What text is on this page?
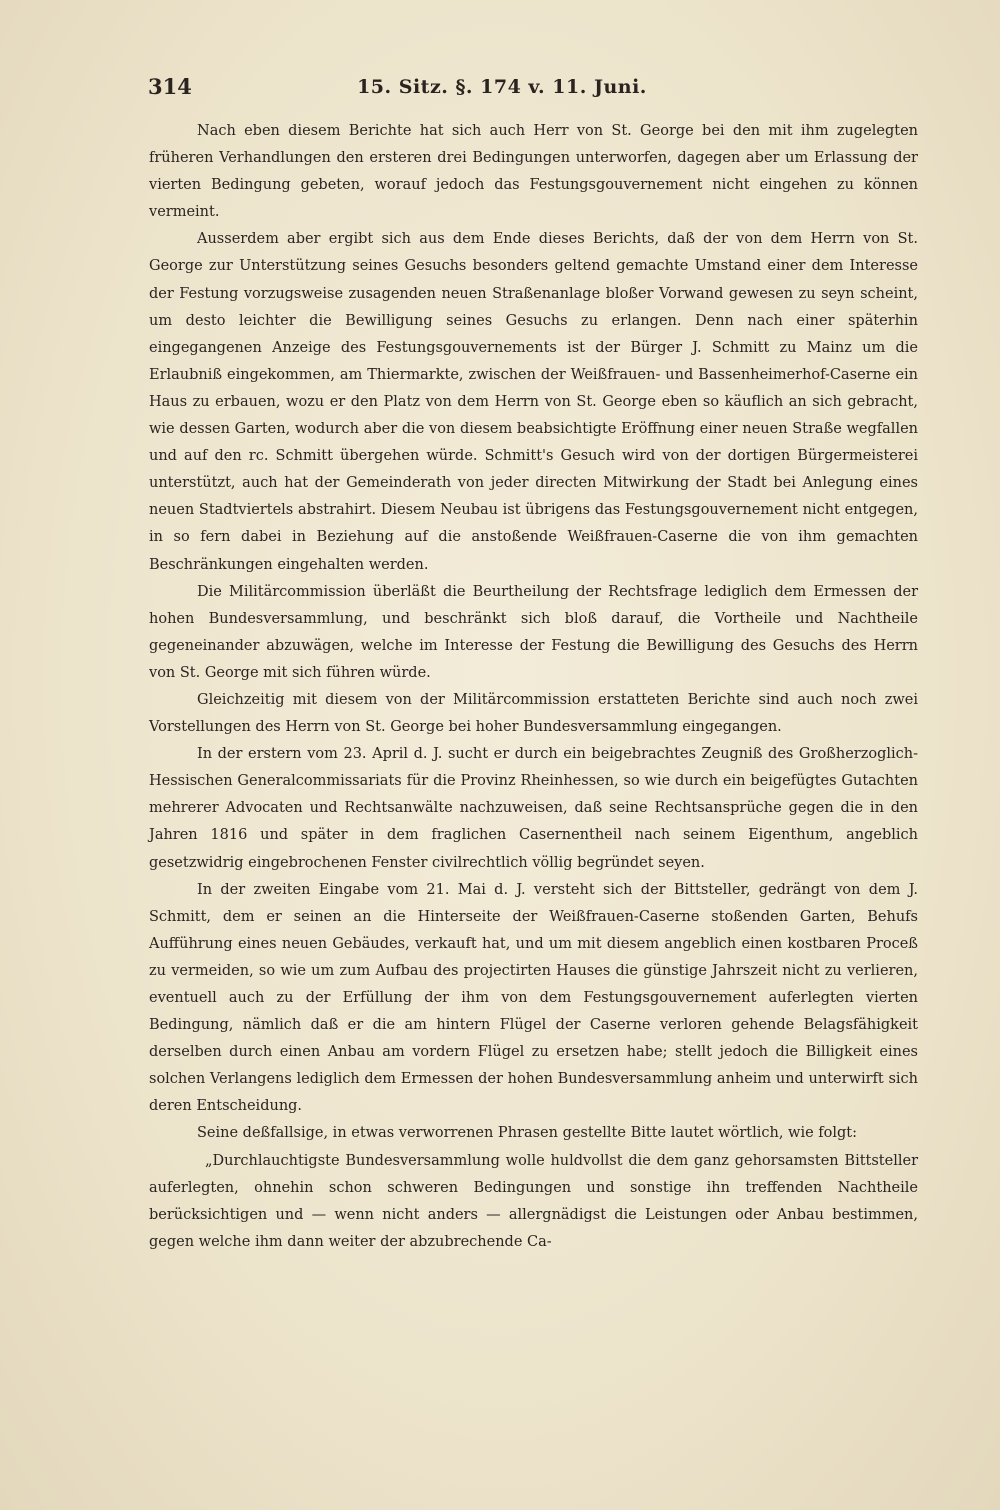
314	15. Sitz. §. 174 v. 11. Juni.

Nach eben diesem Berichte hat sich auch Herr von St. George bei den mit ihm zugelegten früheren Verhandlungen den ersteren drei Bedingungen unterworfen, dagegen aber um Erlassung der vierten Bedingung gebeten, worauf jedoch das Festungsgouvernement nicht eingehen zu können vermeint.

Ausserdem aber ergibt sich aus dem Ende dieses Berichts, daß der von dem Herrn von St. George zur Unterstützung seines Gesuchs besonders geltend gemachte Umstand einer dem Interesse der Festung vorzugsweise zusagenden neuen Straßenanlage bloßer Vorwand gewesen zu seyn scheint, um desto leichter die Bewilligung seines Gesuchs zu erlangen. Denn nach einer späterhin eingegangenen Anzeige des Festungsgouvernements ist der Bürger J. Schmitt zu Mainz um die Erlaubniß eingekommen, am Thiermarkte, zwischen der Weißfrauen- und Bassenheimerhof-Caserne ein Haus zu erbauen, wozu er den Platz von dem Herrn von St. George eben so käuflich an sich gebracht, wie dessen Garten, wodurch aber die von diesem beabsichtigte Eröffnung einer neuen Straße wegfallen und auf den rc. Schmitt übergehen würde. Schmitt's Gesuch wird von der dortigen Bürgermeisterei unterstützt, auch hat der Gemeinderath von jeder directen Mitwirkung der Stadt bei Anlegung eines neuen Stadtviertels abstrahirt. Diesem Neubau ist übrigens das Festungsgouvernement nicht entgegen, in so fern dabei in Beziehung auf die anstoßende Weißfrauen-Caserne die von ihm gemachten Beschränkungen eingehalten werden.

Die Militärcommission überläßt die Beurtheilung der Rechtsfrage lediglich dem Ermessen der hohen Bundesversammlung, und beschränkt sich bloß darauf, die Vortheile und Nachtheile gegeneinander abzuwägen, welche im Interesse der Festung die Bewilligung des Gesuchs des Herrn von St. George mit sich führen würde.

Gleichzeitig mit diesem von der Militärcommission erstatteten Berichte sind auch noch zwei Vorstellungen des Herrn von St. George bei hoher Bundesversammlung eingegangen.

In der erstern vom 23. April d. J. sucht er durch ein beigebrachtes Zeugniß des Großherzoglich-Hessischen Generalcommissariats für die Provinz Rheinhessen, so wie durch ein beigefügtes Gutachten mehrerer Advocaten und Rechtsanwälte nachzuweisen, daß seine Rechtsansprüche gegen die in den Jahren 1816 und später in dem fraglichen Casernentheil nach seinem Eigenthum, angeblich gesetzwidrig eingebrochenen Fenster civilrechtlich völlig begründet seyen.

In der zweiten Eingabe vom 21. Mai d. J. versteht sich der Bittsteller, gedrängt von dem J. Schmitt, dem er seinen an die Hinterseite der Weißfrauen-Caserne stoßenden Garten, Behufs Aufführung eines neuen Gebäudes, verkauft hat, und um mit diesem angeblich einen kostbaren Proceß zu vermeiden, so wie um zum Aufbau des projectirten Hauses die günstige Jahrszeit nicht zu verlieren, eventuell auch zu der Erfüllung der ihm von dem Festungsgouvernement auferlegten vierten Bedingung, nämlich daß er die am hintern Flügel der Caserne verloren gehende Belagsfähigkeit derselben durch einen Anbau am vordern Flügel zu ersetzen habe; stellt jedoch die Billigkeit eines solchen Verlangens lediglich dem Ermessen der hohen Bundesversammlung anheim und unterwirft sich deren Entscheidung.

Seine deßfallsige, in etwas verworrenen Phrasen gestellte Bitte lautet wörtlich, wie folgt:

„Durchlauchtigste Bundesversammlung wolle huldvollst die dem ganz gehorsamsten Bittsteller auferlegten, ohnehin schon schweren Bedingungen und sonstige ihn treffenden Nachtheile berücksichtigen und — wenn nicht anders — allergnädigst die Leistungen oder Anbau bestimmen, gegen welche ihm dann weiter der abzubrechende Ca-
